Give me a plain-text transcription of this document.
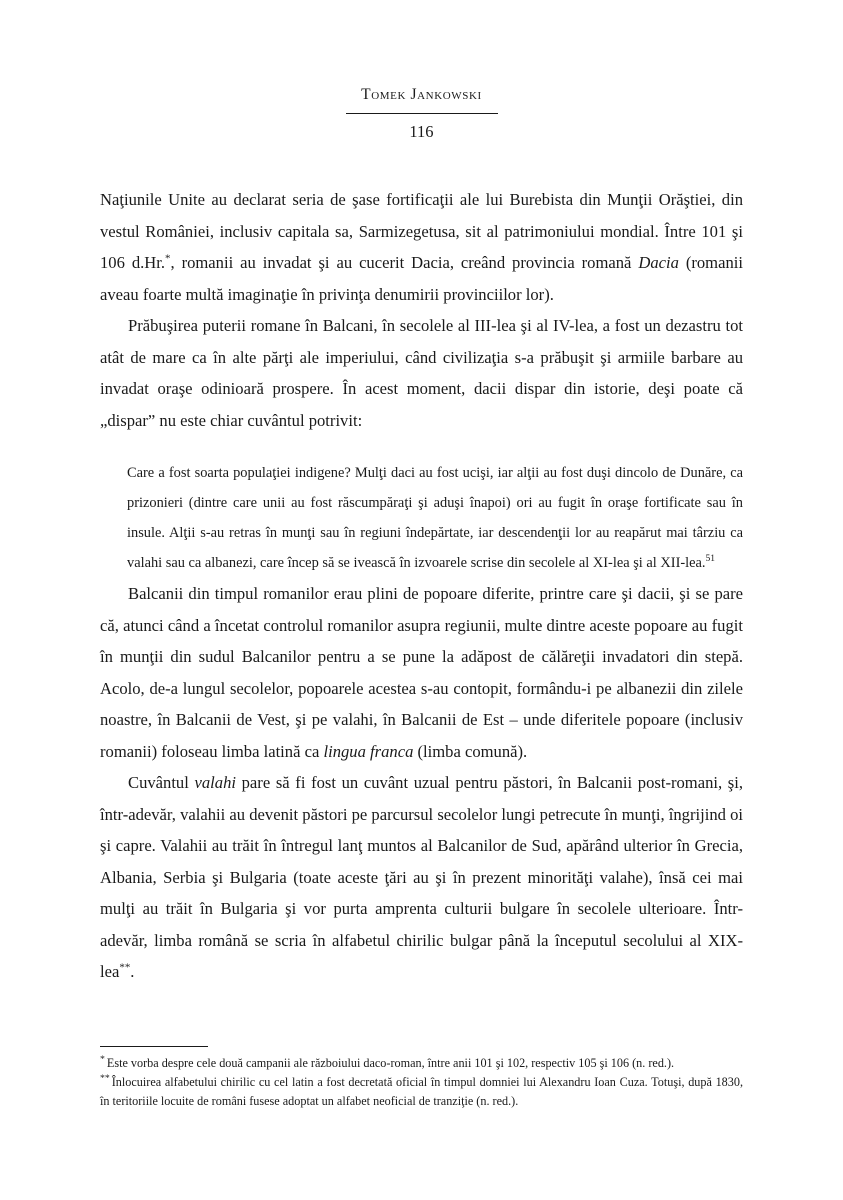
Tomek Jankowski
116

Naţiunile Unite au declarat seria de şase fortificaţii ale lui Burebista din Munţii Orăştiei, din vestul României, inclusiv capitala sa, Sarmizegetusa, sit al patrimoniului mondial. Între 101 şi 106 d.Hr.*, romanii au invadat şi au cucerit Dacia, creând provincia romană Dacia (romanii aveau foarte multă imaginaţie în privinţa denumirii provinciilor lor).

Prăbuşirea puterii romane în Balcani, în secolele al III-lea şi al IV-lea, a fost un dezastru tot atât de mare ca în alte părţi ale imperiului, când civilizaţia s-a prăbuşit şi armiile barbare au invadat oraşe odinioară prospere. În acest moment, dacii dispar din istorie, deşi poate că „dispar” nu este chiar cuvântul potrivit:

Care a fost soarta populaţiei indigene? Mulţi daci au fost ucişi, iar alţii au fost duşi dincolo de Dunăre, ca prizonieri (dintre care unii au fost răscumpăraţi şi aduşi înapoi) ori au fugit în oraşe fortificate sau în insule. Alţii s-au retras în munţi sau în regiuni îndepărtate, iar descendenţii lor au reapărut mai târziu ca valahi sau ca albanezi, care încep să se ivească în izvoarele scrise din secolele al XI-lea şi al XII-lea.$^{51}$

Balcanii din timpul romanilor erau plini de popoare diferite, printre care şi dacii, şi se pare că, atunci când a încetat controlul romanilor asupra regiunii, multe dintre aceste popoare au fugit în munţii din sudul Balcanilor pentru a se pune la adăpost de călăreţii invadatori din stepă. Acolo, de-a lungul secolelor, popoarele acestea s-au contopit, formându-i pe albanezii din zilele noastre, în Balcanii de Vest, şi pe valahi, în Balcanii de Est – unde diferitele popoare (inclusiv romanii) foloseau limba latină ca lingua franca (limba comună).

Cuvântul valahi pare să fi fost un cuvânt uzual pentru păstori, în Balcanii post-romani, şi, într-adevăr, valahii au devenit păstori pe parcursul secolelor lungi petrecute în munţi, îngrijind oi şi capre. Valahii au trăit în întregul lanţ muntos al Balcanilor de Sud, apărând ulterior în Grecia, Albania, Serbia şi Bulgaria (toate aceste ţări au şi în prezent minorităţi valahe), însă cei mai mulţi au trăit în Bulgaria şi vor purta amprenta culturii bulgare în secolele ulterioare. Într-adevăr, limba română se scria în alfabetul chirilic bulgar până la începutul secolului al XIX-lea**.

* Este vorba despre cele două campanii ale războiului daco-roman, între anii 101 şi 102, respectiv 105 şi 106 (n. red.).

** Înlocuirea alfabetului chirilic cu cel latin a fost decretată oficial în timpul domniei lui Alexandru Ioan Cuza. Totuşi, după 1830, în teritoriile locuite de români fusese adoptat un alfabet neoficial de tranziţie (n. red.).
